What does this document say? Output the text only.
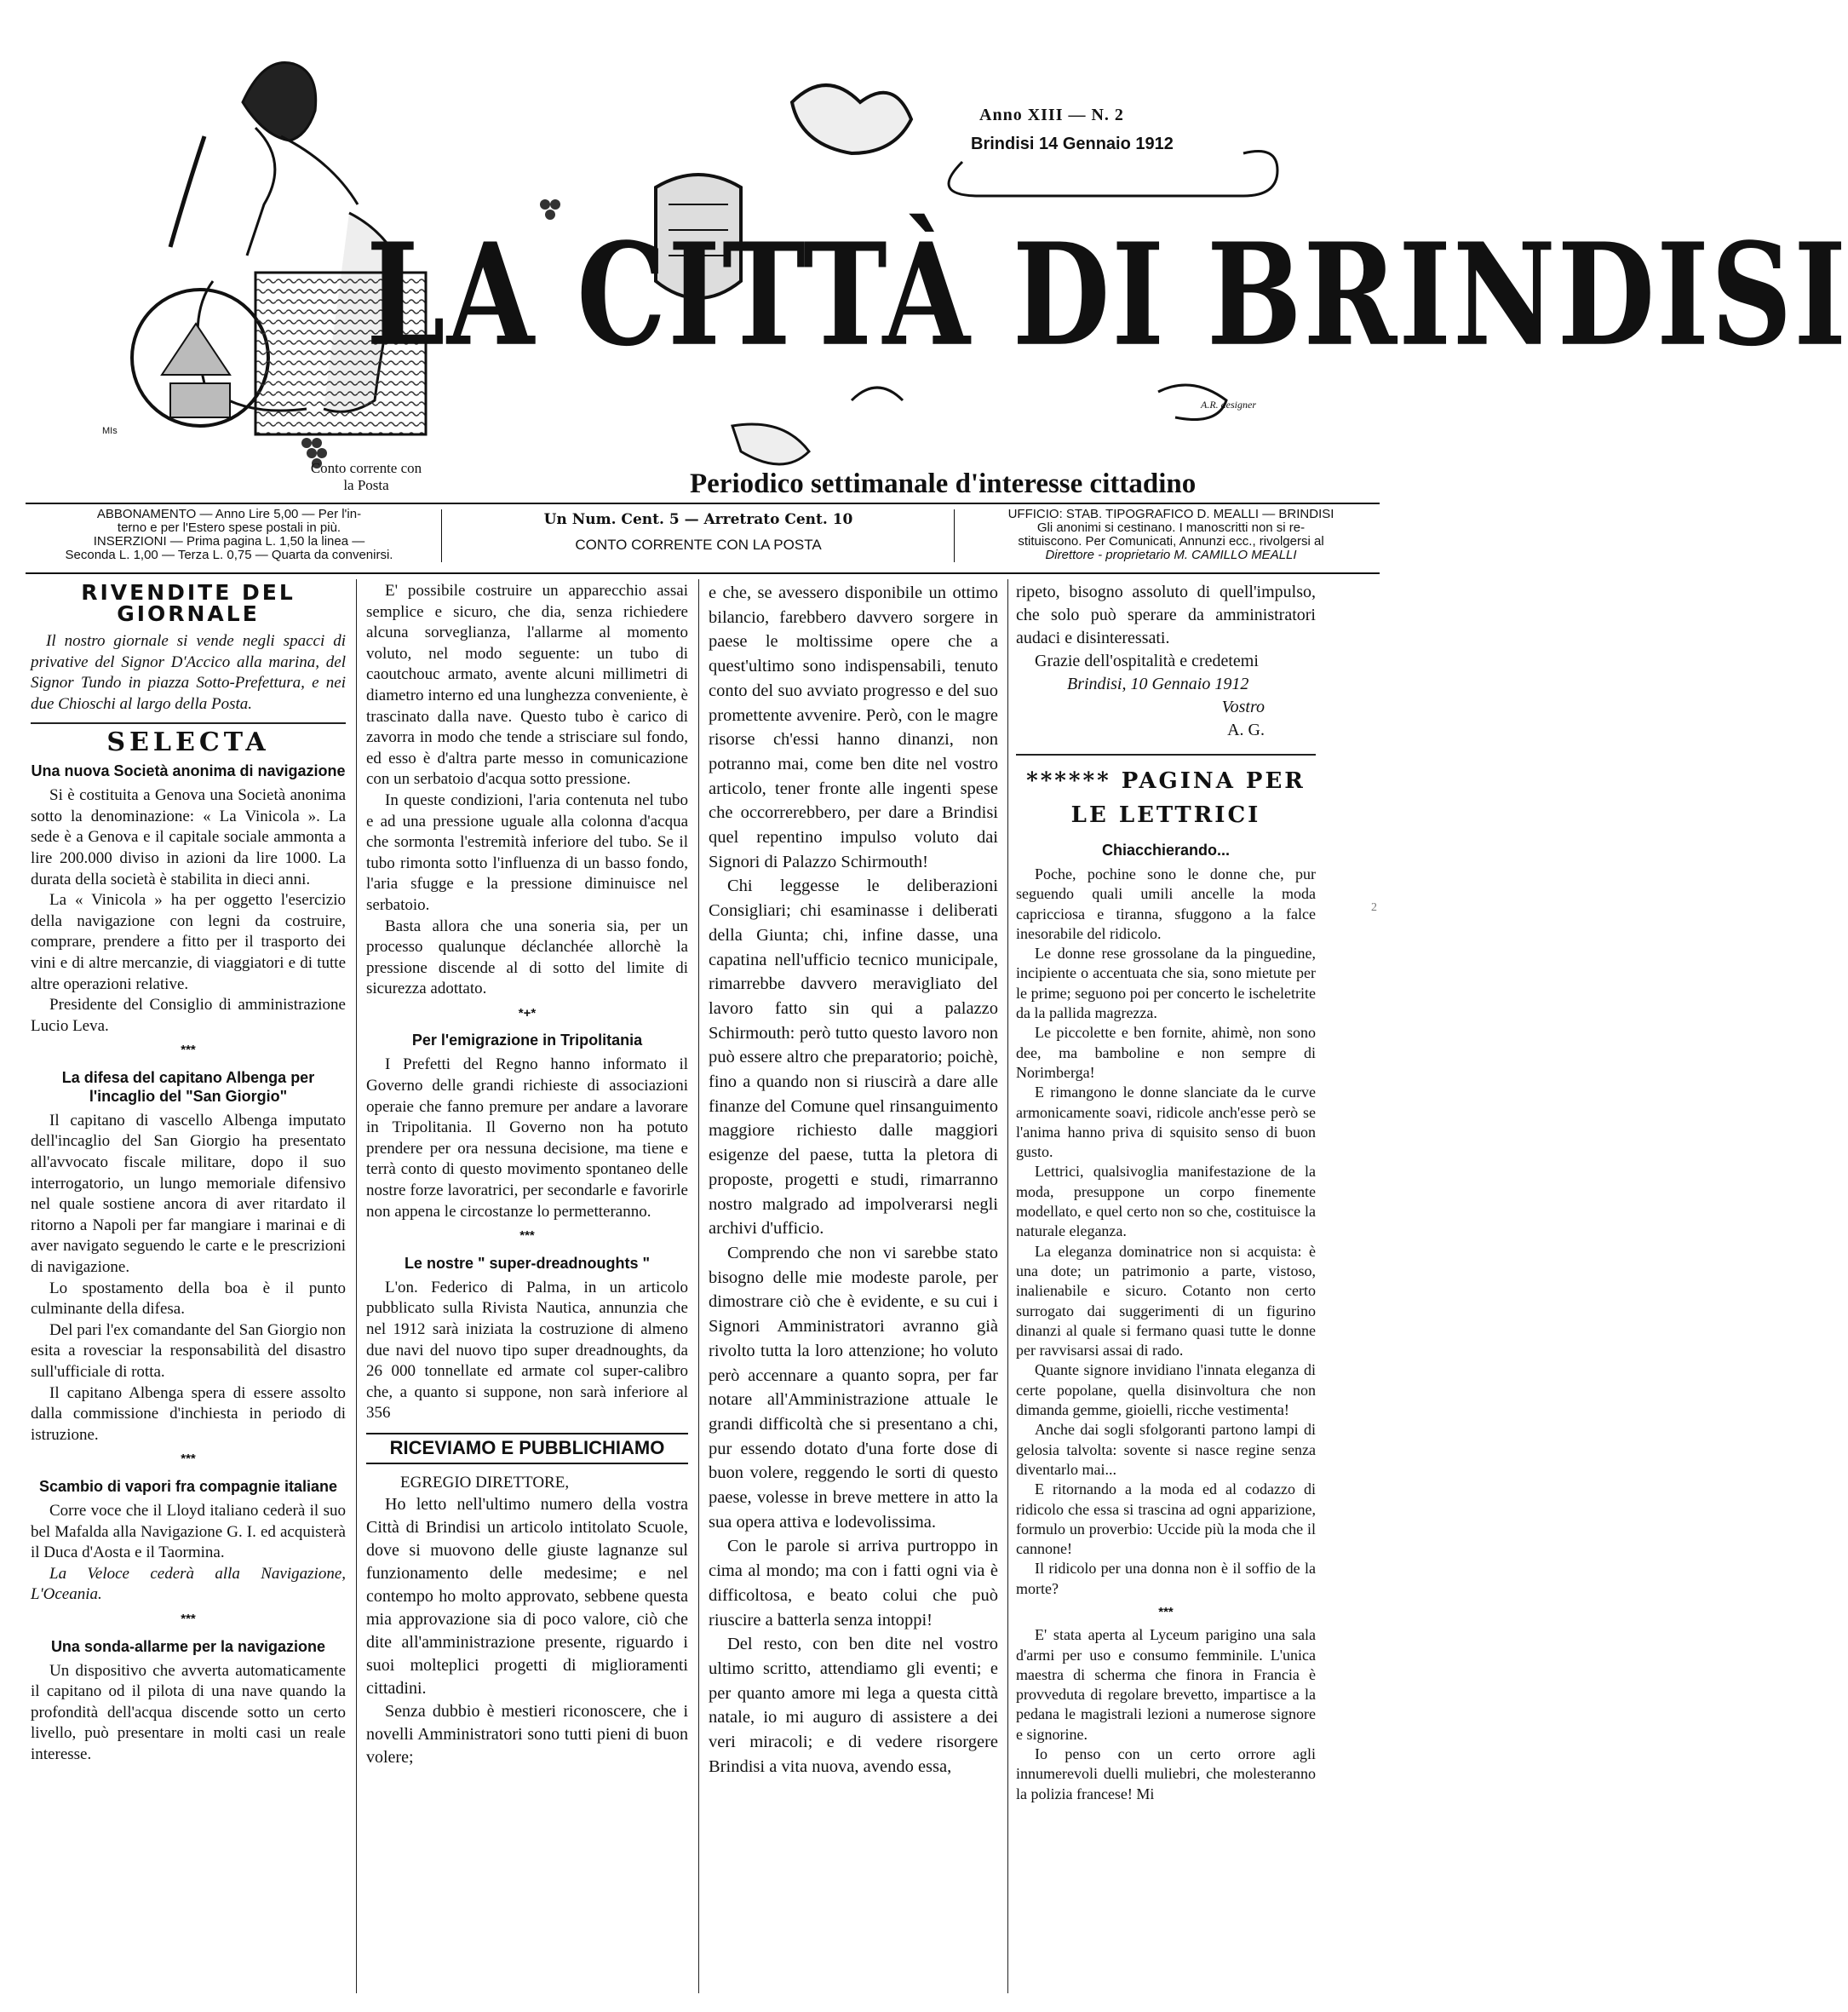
LA CITTÀ DI BRINDISI
Anno XIII — N. 2
Brindisi 14 Gennaio 1912
Conto corrente con la Posta	Periodico settimanale d'interesse cittadino
A.R. designer
MIs
ABBONAMENTO — Anno Lire 5,00 — Per l'in-
terno e per l'Estero spese postali in più.
INSERZIONI — Prima pagina L. 1,50 la linea —
Seconda L. 1,00 — Terza L. 0,75 — Quarta da convenirsi.
Un Num. Cent. 5 — Arretrato Cent. 10
CONTO CORRENTE CON LA POSTA
UFFICIO: STAB. TIPOGRAFICO D. MEALLI — BRINDISI
Gli anonimi si cestinano. I manoscritti non si re-
stituiscono. Per Comunicati, Annunzi ecc., rivolgersi al
Direttore - proprietario M. CAMILLO MEALLI
RIVENDITE DEL GIORNALE

Il nostro giornale si vende negli spacci di privative del Signor D'Accico alla marina, del Signor Tundo in piazza Sotto-Prefettura, e nei due Chioschi al largo della Posta.

SELECTA
Una nuova Società anonima di navigazione

Si è costituita a Genova una Società anonima sotto la denominazione: « La Vinicola ». La sede è a Genova e il capitale sociale ammonta a lire 200.000 diviso in azioni da lire 1000. La durata della società è stabilita in dieci anni.

La « Vinicola » ha per oggetto l'esercizio della navigazione con legni da costruire, comprare, prendere a fitto per il trasporto dei vini e di altre mercanzie, di viaggiatori e di tutte altre operazioni relative.

Presidente del Consiglio di amministrazione Lucio Leva.

***
La difesa del capitano Albenga per l'incaglio del "San Giorgio"

Il capitano di vascello Albenga imputato dell'incaglio del San Giorgio ha presentato all'avvocato fiscale militare, dopo il suo interrogatorio, un lungo memoriale difensivo nel quale sostiene ancora di aver ritardato il ritorno a Napoli per far mangiare i marinai e di aver navigato seguendo le carte e le prescrizioni di navigazione.

Lo spostamento della boa è il punto culminante della difesa.

Del pari l'ex comandante del San Giorgio non esita a rovesciar la responsabilità del disastro sull'ufficiale di rotta.

Il capitano Albenga spera di essere assolto dalla commissione d'inchiesta in periodo di istruzione.

***
Scambio di vapori fra compagnie italiane

Corre voce che il Lloyd italiano cederà il suo bel Mafalda alla Navigazione G. I. ed acquisterà il Duca d'Aosta e il Taormina.

La Veloce cederà alla Navigazione, L'Oceania.

***
Una sonda-allarme per la navigazione

Un dispositivo che avverta automaticamente il capitano od il pilota di una nave quando la profondità dell'acqua discende sotto un certo livello, può presentare in molti casi un reale interesse.

E' possibile costruire un apparecchio assai semplice e sicuro, che dia, senza richiedere alcuna sorveglianza, l'allarme al momento voluto, nel modo seguente: un tubo di caoutchouc armato, avente alcuni millimetri di diametro interno ed una lunghezza conveniente, è trascinato dalla nave. Questo tubo è carico di zavorra in modo che tende a strisciare sul fondo, ed esso è d'altra parte messo in comunicazione con un serbatoio d'acqua sotto pressione.

In queste condizioni, l'aria contenuta nel tubo e ad una pressione uguale alla colonna d'acqua che sormonta l'estremità inferiore del tubo. Se il tubo rimonta sotto l'influenza di un basso fondo, l'aria sfugge e la pressione diminuisce nel serbatoio.

Basta allora che una soneria sia, per un processo qualunque déclanchée allorchè la pressione discende al di sotto del limite di sicurezza adottato.

*+*
Per l'emigrazione in Tripolitania

I Prefetti del Regno hanno informato il Governo delle grandi richieste di associazioni operaie che fanno premure per andare a lavorare in Tripolitania. Il Governo non ha potuto prendere per ora nessuna decisione, ma tiene e terrà conto di questo movimento spontaneo delle nostre forze lavoratrici, per secondarle e favorirle non appena le circostanze lo permetteranno.

***
Le nostre " super-dreadnoughts "

L'on. Federico di Palma, in un articolo pubblicato sulla Rivista Nautica, annunzia che nel 1912 sarà iniziata la costruzione di almeno due navi del nuovo tipo super dreadnoughts, da 26 000 tonnellate ed armate col super-calibro che, a quanto si suppone, non sarà inferiore al 356

RICEVIAMO E PUBBLICHIAMO

EGREGIO DIRETTORE,

Ho letto nell'ultimo numero della vostra Città di Brindisi un articolo intitolato Scuole, dove si muovono delle giuste lagnanze sul funzionamento delle medesime; e nel contempo ho molto approvato, sebbene questa mia approvazione sia di poco valore, ciò che dite all'amministrazione presente, riguardo i suoi molteplici progetti di miglioramenti cittadini.

Senza dubbio è mestieri riconoscere, che i novelli Amministratori sono tutti pieni di buon volere;

e che, se avessero disponibile un ottimo bilancio, farebbero davvero sorgere in paese le moltissime opere che a quest'ultimo sono indispensabili, tenuto conto del suo avviato progresso e del suo promettente avvenire. Però, con le magre risorse ch'essi hanno dinanzi, non potranno mai, come ben dite nel vostro articolo, tener fronte alle ingenti spese che occorrerebbero, per dare a Brindisi quel repentino impulso voluto dai Signori di Palazzo Schirmouth!

Chi leggesse le deliberazioni Consigliari; chi esaminasse i deliberati della Giunta; chi, infine dasse, una capatina nell'ufficio tecnico municipale, rimarrebbe davvero meravigliato del lavoro fatto sin qui a palazzo Schirmouth: però tutto questo lavoro non può essere altro che preparatorio; poichè, fino a quando non si riuscirà a dare alle finanze del Comune quel rinsanguimento maggiore richiesto dalle maggiori esigenze del paese, tutta la pletora di proposte, progetti e studi, rimarranno nostro malgrado ad impolverarsi negli archivi d'ufficio.

Comprendo che non vi sarebbe stato bisogno delle mie modeste parole, per dimostrare ciò che è evidente, e su cui i Signori Amministratori avranno già rivolto tutta la loro attenzione; ho voluto però accennare a quanto sopra, per far notare all'Amministrazione attuale le grandi difficoltà che si presentano a chi, pur essendo dotato d'una forte dose di buon volere, reggendo le sorti di questo paese, volesse in breve mettere in atto la sua opera attiva e lodevolissima.

Con le parole si arriva purtroppo in cima al mondo; ma con i fatti ogni via è difficoltosa, e beato colui che può riuscire a batterla senza intoppi!

Del resto, con ben dite nel vostro ultimo scritto, attendiamo gli eventi; e per quanto amore mi lega a questa città natale, io mi auguro di assistere a dei veri miracoli; e di vedere risorgere Brindisi a vita nuova, avendo essa,

ripeto, bisogno assoluto di quell'impulso, che solo può sperare da amministratori audaci e disinteressati.

Grazie dell'ospitalità e credetemi

Brindisi, 10 Gennaio 1912

Vostro

A. G.

****** PAGINA PER LE LETTRICI
Chiacchierando...

Poche, pochine sono le donne che, pur seguendo quali umili ancelle la moda capricciosa e tiranna, sfuggono a la falce inesorabile del ridicolo.

Le donne rese grossolane da la pinguedine, incipiente o accentuata che sia, sono mietute per le prime; seguono poi per concerto le ischeletrite da la pallida magrezza.

Le piccolette e ben fornite, ahimè, non sono dee, ma bamboline e non sempre di Norimberga!

E rimangono le donne slanciate da le curve armonicamente soavi, ridicole anch'esse però se l'anima hanno priva di squisito senso di buon gusto.

Lettrici, qualsivoglia manifestazione de la moda, presuppone un corpo finemente modellato, e quel certo non so che, costituisce la naturale eleganza.

La eleganza dominatrice non si acquista: è una dote; un patrimonio a parte, vistoso, inalienabile e sicuro. Cotanto non certo surrogato dai suggerimenti di un figurino dinanzi al quale si fermano quasi tutte le donne per ravvisarsi assai di rado.

Quante signore invidiano l'innata eleganza di certe popolane, quella disinvoltura che non dimanda gemme, gioielli, ricche vestimenta!

Anche dai sogli sfolgoranti partono lampi di gelosia talvolta: sovente si nasce regine senza diventarlo mai...

E ritornando a la moda ed al codazzo di ridicolo che essa si trascina ad ogni apparizione, formulo un proverbio: Uccide più la moda che il cannone!

Il ridicolo per una donna non è il soffio de la morte?

***

E' stata aperta al Lyceum parigino una sala d'armi per uso e consumo femminile. L'unica maestra di scherma che finora in Francia è provveduta di regolare brevetto, impartisce a la pedana le magistrali lezioni a numerose signore e signorine.

Io penso con un certo orrore agli innumerevoli duelli muliebri, che molesteranno la polizia francese! Mi

2
